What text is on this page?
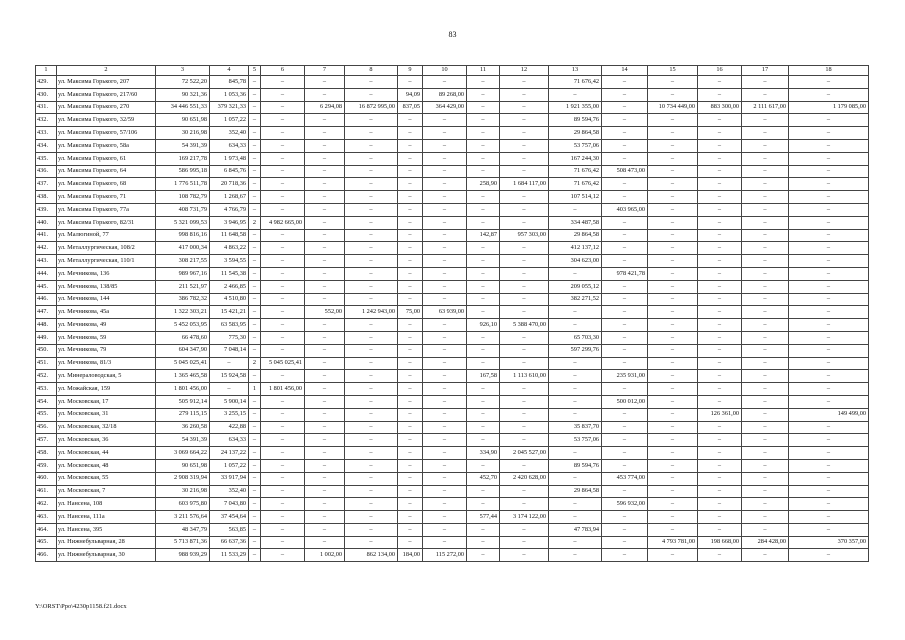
83
1	2	3	4	5	6	7	8	9	10	11	12	13	14	15	16	17	18
429.	ул. Максима Горького, 207	72 522,20	845,78	–	–	–	–	–	–	–	–	71 676,42	–	–	–	–	–
430.	ул. Максима Горького, 217/60	90 321,36	1 053,36	–	–	–	–	94,09	89 268,00	–	–	–	–	–	–	–	–
431.	ул. Максима Горького, 270	34 446 551,33	379 321,33	–	–	6 294,08	16 872 995,00	837,05	364 429,00	–	–	1 921 355,00	–	10 734 449,00	883 300,00	2 111 617,00	1 179 085,00
432.	ул. Максима Горького, 32/59	90 651,98	1 057,22	–	–	–	–	–	–	–	–	89 594,76	–	–	–	–	–
433.	ул. Максима Горького, 57/106	30 216,98	352,40	–	–	–	–	–	–	–	–	29 864,58	–	–	–	–	–
434.	ул. Максима Горького, 58а	54 391,39	634,33	–	–	–	–	–	–	–	–	53 757,06	–	–	–	–	–
435.	ул. Максима Горького, 61	169 217,78	1 973,48	–	–	–	–	–	–	–	–	167 244,30	–	–	–	–	–
436.	ул. Максима Горького, 64	586 995,18	6 845,76	–	–	–	–	–	–	–	–	71 676,42	508 473,00	–	–	–	–
437.	ул. Максима Горького, 68	1 776 511,78	20 718,36	–	–	–	–	–	–	258,90	1 684 117,00	71 676,42	–	–	–	–	–
438.	ул. Максима Горького, 71	108 782,79	1 268,67	–	–	–	–	–	–	–	–	107 514,12	–	–	–	–	–
439.	ул. Максима Горького, 77а	408 731,79	4 766,79	–	–	–	–	–	–	–	–	–	403 965,00	–	–	–	–
440.	ул. Максима Горького, 82/31	5 321 099,53	3 946,95	2	4 982 665,00	–	–	–	–	–	–	334 487,58	–	–	–	–	–
441.	ул. Малюгиной, 77	998 816,16	11 648,58	–	–	–	–	–	–	142,87	957 303,00	29 864,58	–	–	–	–	–
442.	ул. Металлургическая, 108/2	417 000,34	4 863,22	–	–	–	–	–	–	–	–	412 137,12	–	–	–	–	–
443.	ул. Металлургическая, 110/1	308 217,55	3 594,55	–	–	–	–	–	–	–	–	304 623,00	–	–	–	–	–
444.	ул. Мечникова, 136	989 967,16	11 545,38	–	–	–	–	–	–	–	–	–	978 421,78	–	–	–	–
445.	ул. Мечникова, 138/85	211 521,97	2 466,85	–	–	–	–	–	–	–	–	209 055,12	–	–	–	–	–
446.	ул. Мечникова, 144	386 782,32	4 510,80	–	–	–	–	–	–	–	–	382 271,52	–	–	–	–	–
447.	ул. Мечникова, 45а	1 322 303,21	15 421,21	–	–	552,00	1 242 943,00	75,00	63 939,00	–	–	–	–	–	–	–	–
448.	ул. Мечникова, 49	5 452 053,95	63 583,95	–	–	–	–	–	–	926,10	5 388 470,00	–	–	–	–	–	–
449.	ул. Мечникова, 59	66 478,60	775,30	–	–	–	–	–	–	–	–	65 703,30	–	–	–	–	–
450.	ул. Мечникова, 79	604 347,90	7 048,14	–	–	–	–	–	–	–	–	597 299,76	–	–	–	–	–
451.	ул. Мечникова, 81/3	5 045 025,41	–	2	5 045 025,41	–	–	–	–	–	–	–	–	–	–	–	–
452.	ул. Минераловодская, 5	1 365 465,58	15 924,58	–	–	–	–	–	–	167,58	1 113 610,00	–	235 931,00	–	–	–	–
453.	ул. Можайская, 159	1 801 456,00	–	1	1 801 456,00	–	–	–	–	–	–	–	–	–	–	–	–
454.	ул. Московская, 17	505 912,14	5 900,14	–	–	–	–	–	–	–	–	–	500 012,00	–	–	–	–
455.	ул. Московская, 31	279 115,15	3 255,15	–	–	–	–	–	–	–	–	–	–	–	126 361,00	–	149 499,00
456.	ул. Московская, 32/18	36 260,58	422,88	–	–	–	–	–	–	–	–	35 837,70	–	–	–	–	–
457.	ул. Московская, 36	54 391,39	634,33	–	–	–	–	–	–	–	–	53 757,06	–	–	–	–	–
458.	ул. Московская, 44	3 069 664,22	24 137,22	–	–	–	–	–	–	334,90	2 045 527,00	–	–	–	–	–	–
459.	ул. Московская, 48	90 651,98	1 057,22	–	–	–	–	–	–	–	–	89 594,76	–	–	–	–	–
460.	ул. Московская, 55	2 908 319,94	33 917,94	–	–	–	–	–	–	452,70	2 420 628,00	–	453 774,00	–	–	–	–
461.	ул. Московская, 7	30 216,98	352,40	–	–	–	–	–	–	–	–	29 864,58	–	–	–	–	–
462.	ул. Нансена, 108	603 975,80	7 043,80	–	–	–	–	–	–	–	–	–	596 932,00	–	–	–	–
463.	ул. Нансена, 111а	3 211 576,64	37 454,64	–	–	–	–	–	–	577,44	3 174 122,00	–	–	–	–	–	–
464.	ул. Нансена, 395	48 347,79	563,85	–	–	–	–	–	–	–	–	47 783,94	–	–	–	–	–
465.	ул. Нижнебульварная, 28	5 713 871,36	66 637,36	–	–	–	–	–	–	–	–	–	–	4 793 781,00	198 668,00	284 428,00	370 357,00
466.	ул. Нижнебульварная, 30	988 939,29	11 533,29	–	–	1 002,00	862 134,00	184,00	115 272,00	–	–	–	–	–	–	–	–
Y:\ORST\Ppo\4230p1158.f21.docx
